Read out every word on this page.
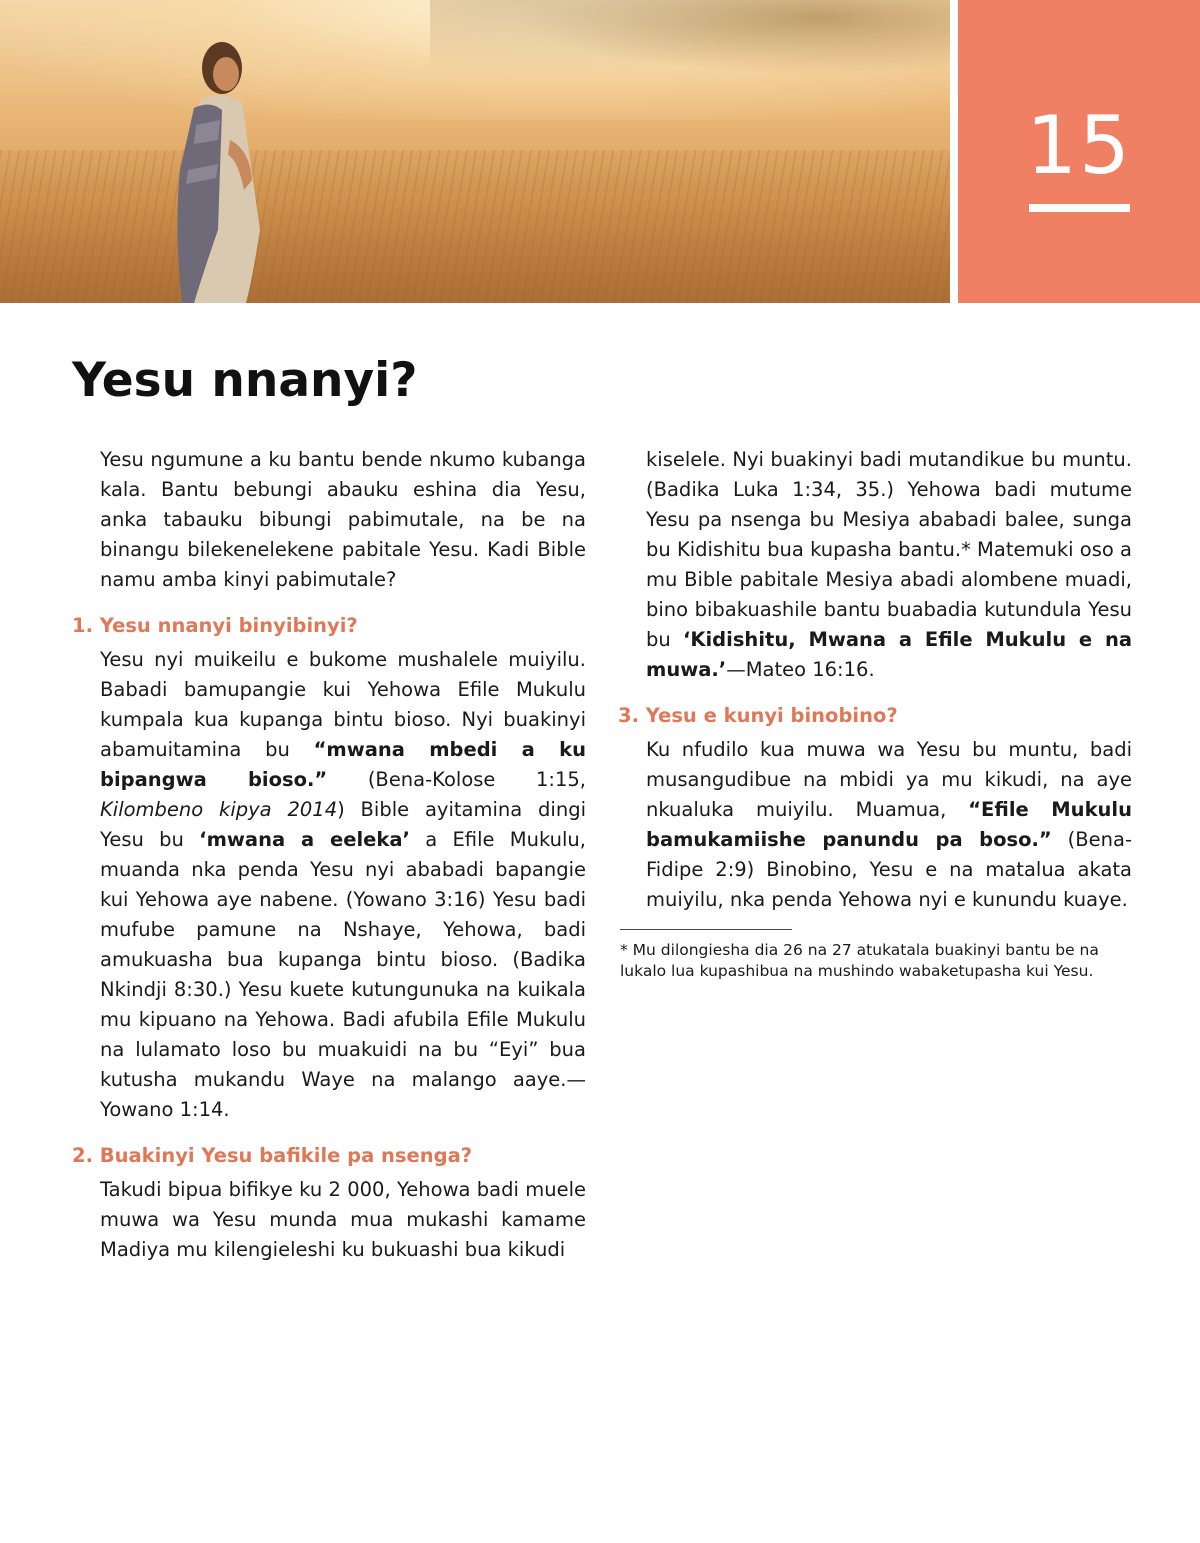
15
Yesu nnanyi?

Yesu ngumune a ku bantu bende nkumo kubanga kala. Bantu bebungi abauku eshina dia Yesu, anka tabauku bibungi pabimutale, na be na binangu bilekenelekene pabitale Yesu. Kadi Bible namu amba kinyi pabimutale?

1. Yesu nnanyi binyibinyi?

Yesu nyi muikeilu e bukome mushalele muiyilu. Babadi bamupangie kui Yehowa Efile Mukulu kumpala kua kupanga bintu bioso. Nyi buakinyi abamuitamina bu “mwana mbedi a ku bipangwa bioso.” (Bena-Kolose 1:15, Kilombeno kipya 2014) Bible ayitamina dingi Yesu bu ‘mwana a eeleka’ a Efile Mukulu, muanda nka penda Yesu nyi ababadi bapangie kui Yehowa aye nabene. (Yowano 3:16) Yesu badi mufube pamune na Nshaye, Yehowa, badi amukuasha bua kupanga bintu bioso. (Badika Nkindji 8:30.) Yesu kuete kutungunuka na kuikala mu kipuano na Yehowa. Badi afubila Efile Mukulu na lulamato loso bu muakuidi na bu “Eyi” bua kutusha mukandu Waye na malango aaye.—Yowano 1:14.

2. Buakinyi Yesu bafikile pa nsenga?

Takudi bipua bifikye ku 2 000, Yehowa badi muele muwa wa Yesu munda mua mukashi kamame Madiya mu kilengieleshi ku bukuashi bua kikudi

kiselele. Nyi buakinyi badi mutandikue bu muntu. (Badika Luka 1:34, 35.) Yehowa badi mutume Yesu pa nsenga bu Mesiya ababadi balee, sunga bu Kidishitu bua kupasha bantu.* Matemuki oso a mu Bible pabitale Mesiya abadi alombene muadi, bino bibakuashile bantu buabadia kutundula Yesu bu ‘Kidishitu, Mwana a Efile Mukulu e na muwa.’—Mateo 16:16.

3. Yesu e kunyi binobino?

Ku nfudilo kua muwa wa Yesu bu muntu, badi musangudibue na mbidi ya mu kikudi, na aye nkualuka muiyilu. Muamua, “Efile Mukulu bamukamiishe panundu pa boso.” (Bena-Fidipe 2:9) Binobino, Yesu e na matalua akata muiyilu, nka penda Yehowa nyi e kunundu kuaye.

* Mu dilongiesha dia 26 na 27 atukatala buakinyi bantu be na lukalo lua kupashibua na mushindo wabaketupasha kui Yesu.
